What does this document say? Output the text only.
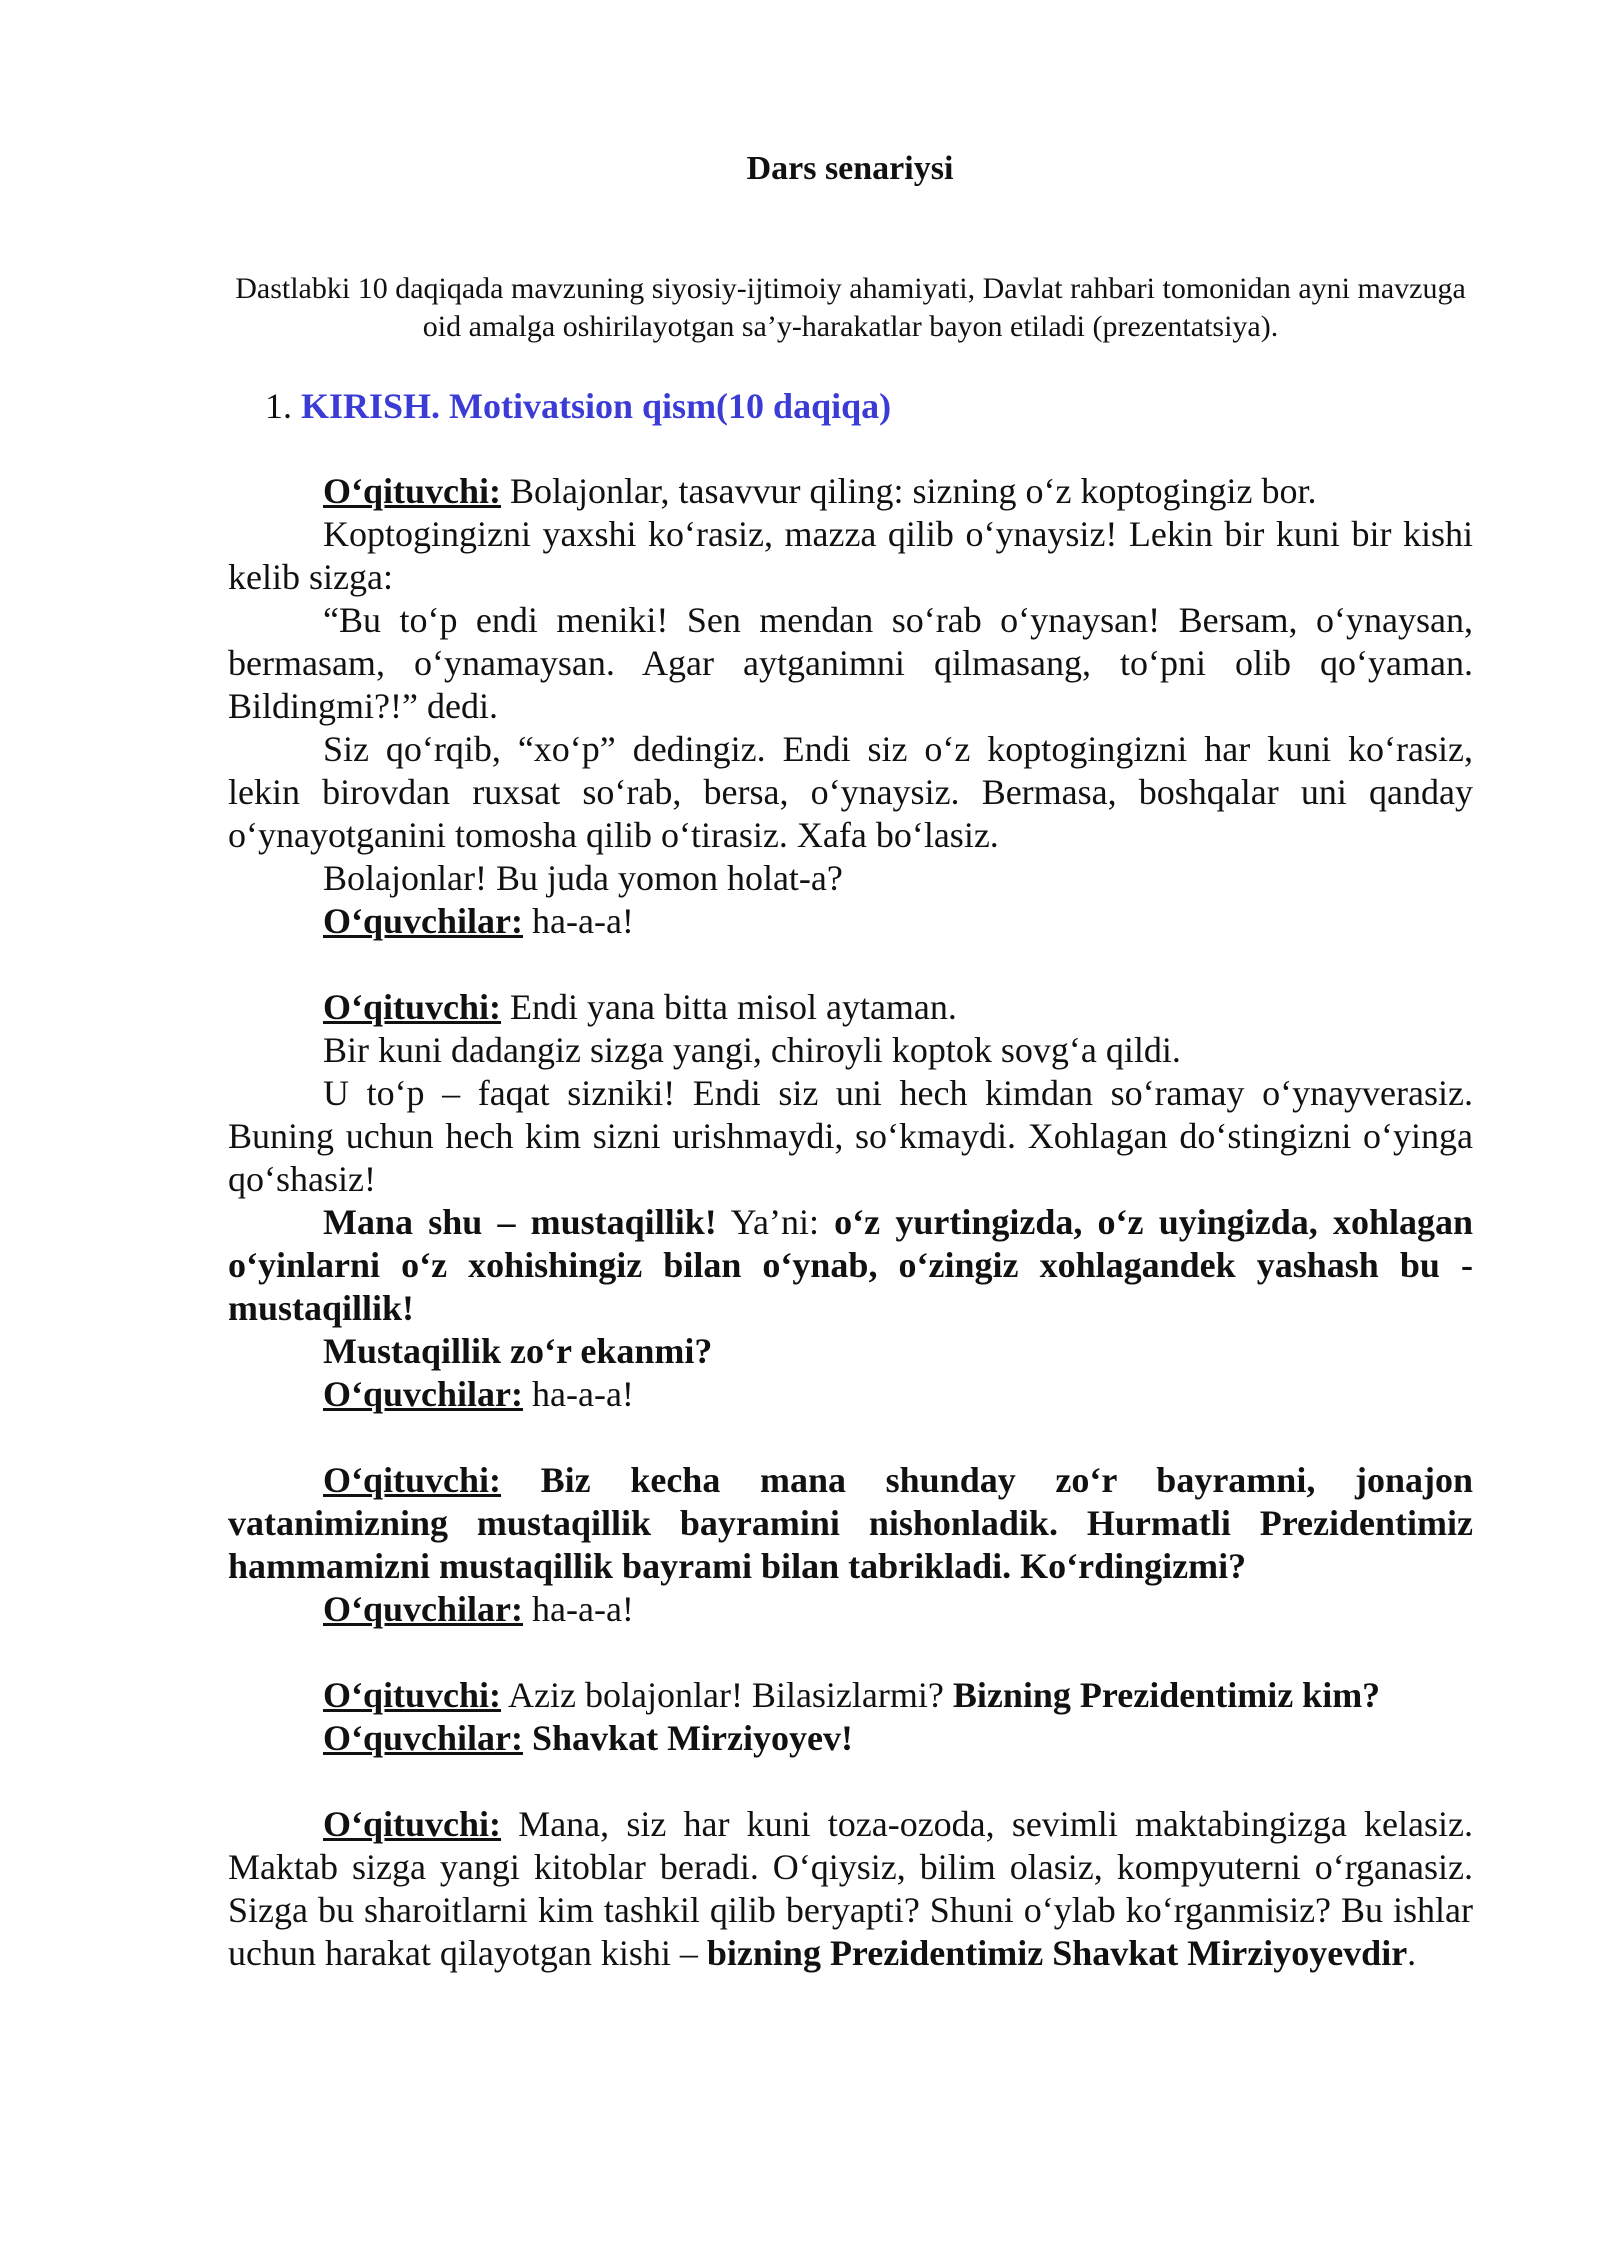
Dars senariysi
Dastlabki 10 daqiqada mavzuning siyosiy-ijtimoiy ahamiyati, Davlat rahbari tomonidan ayni mavzuga oid amalga oshirilayotgan sa’y-harakatlar bayon etiladi (prezentatsiya).
1. KIRISH. Motivatsion qism(10 daqiqa)

O‘qituvchi: Bolajonlar, tasavvur qiling: sizning o‘z koptogingiz bor.

Koptogingizni yaxshi ko‘rasiz, mazza qilib o‘ynaysiz! Lekin bir kuni bir kishi kelib sizga:

“Bu to‘p endi meniki! Sen mendan so‘rab o‘ynaysan! Bersam, o‘ynaysan, bermasam, o‘ynamaysan. Agar aytganimni qilmasang, to‘pni olib qo‘yaman. Bildingmi?!” dedi.

Siz qo‘rqib, “xo‘p” dedingiz. Endi siz o‘z koptogingizni har kuni ko‘rasiz, lekin birovdan ruxsat so‘rab, bersa, o‘ynaysiz. Bermasa, boshqalar uni qanday o‘ynayotganini tomosha qilib o‘tirasiz. Xafa bo‘lasiz.

Bolajonlar! Bu juda yomon holat-a?

O‘quvchilar: ha-a-a!

O‘qituvchi: Endi yana bitta misol aytaman.

Bir kuni dadangiz sizga yangi, chiroyli koptok sovg‘a qildi.

U to‘p – faqat sizniki! Endi siz uni hech kimdan so‘ramay o‘ynayverasiz. Buning uchun hech kim sizni urishmaydi, so‘kmaydi. Xohlagan do‘stingizni o‘yinga qo‘shasiz!

Mana shu – mustaqillik! Ya’ni: o‘z yurtingizda, o‘z uyingizda, xohlagan o‘yinlarni o‘z xohishingiz bilan o‘ynab, o‘zingiz xohlagandek yashash bu - mustaqillik!

Mustaqillik zo‘r ekanmi?

O‘quvchilar: ha-a-a!

O‘qituvchi: Biz kecha mana shunday zo‘r bayramni, jonajon vatanimizning mustaqillik bayramini nishonladik. Hurmatli Prezidentimiz hammamizni mustaqillik bayrami bilan tabrikladi. Ko‘rdingizmi?

O‘quvchilar: ha-a-a!

O‘qituvchi: Aziz bolajonlar! Bilasizlarmi? Bizning Prezidentimiz kim?

O‘quvchilar: Shavkat Mirziyoyev!

O‘qituvchi: Mana, siz har kuni toza-ozoda, sevimli maktabingizga kelasiz. Maktab sizga yangi kitoblar beradi. O‘qiysiz, bilim olasiz, kompyuterni o‘rganasiz. Sizga bu sharoitlarni kim tashkil qilib beryapti? Shuni o‘ylab ko‘rganmisiz? Bu ishlar uchun harakat qilayotgan kishi – bizning Prezidentimiz Shavkat Mirziyoyevdir.
